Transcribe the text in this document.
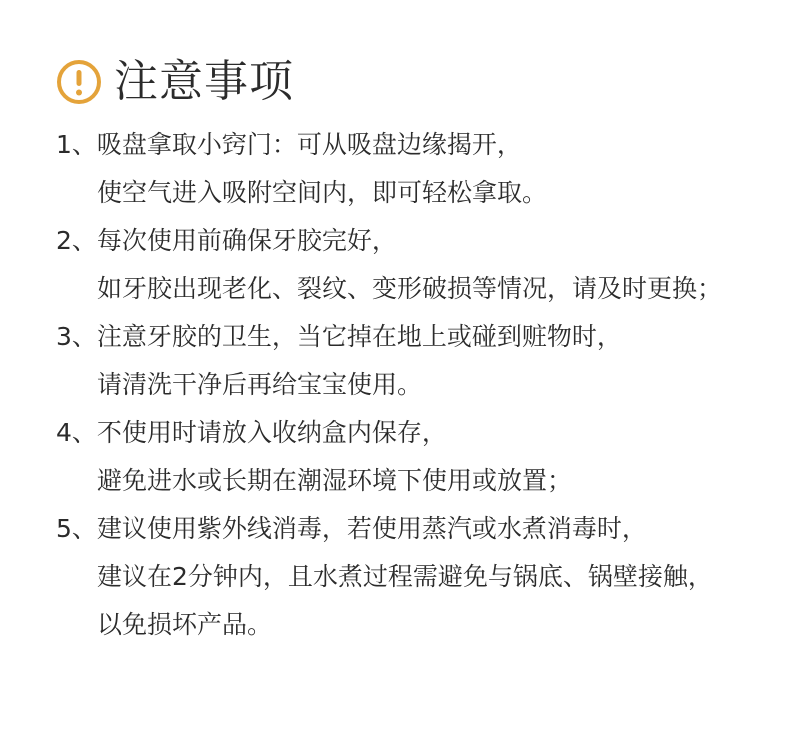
注意事项
1、吸盘拿取小窍门：可从吸盘边缘揭开，
使空气进入吸附空间内，即可轻松拿取。
2、每次使用前确保牙胶完好，
如牙胶出现老化、裂纹、变形破损等情况，请及时更换；
3、注意牙胶的卫生，当它掉在地上或碰到赃物时，
请清洗干净后再给宝宝使用。
4、不使用时请放入收纳盒内保存，
避免进水或长期在潮湿环境下使用或放置；
5、建议使用紫外线消毒，若使用蒸汽或水煮消毒时，
建议在2分钟内，且水煮过程需避免与锅底、锅壁接触，
以免损坏产品。
